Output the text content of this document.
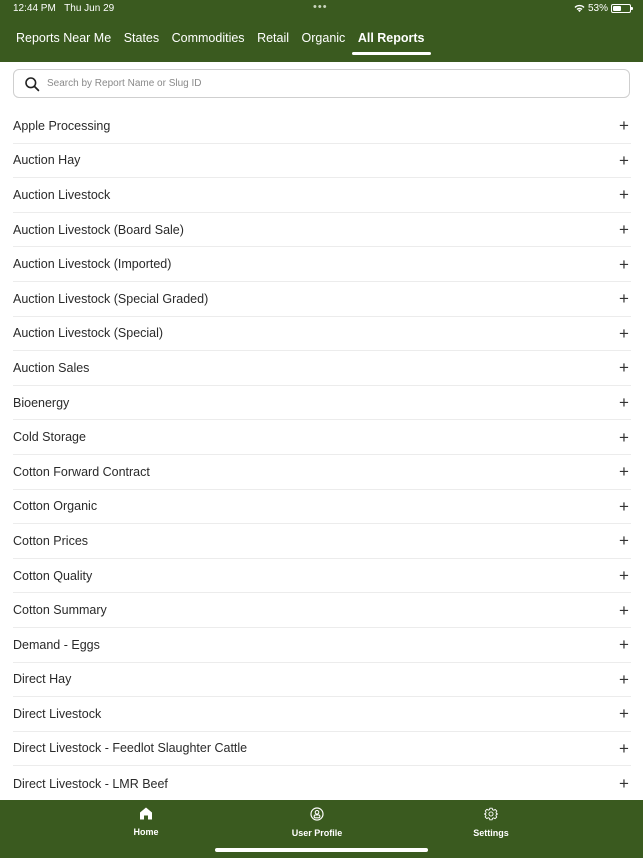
12:44 PM Thu Jun 29	•••	53%
Reports Near Me States Commodities Retail Organic All Reports
Search by Report Name or Slug ID
Apple Processing	+
Auction Hay	+
Auction Livestock	+
Auction Livestock (Board Sale)	+
Auction Livestock (Imported)	+
Auction Livestock (Special Graded)	+
Auction Livestock (Special)	+
Auction Sales	+
Bioenergy	+
Cold Storage	+
Cotton Forward Contract	+
Cotton Organic	+
Cotton Prices	+
Cotton Quality	+
Cotton Summary	+
Demand - Eggs	+
Direct Hay	+
Direct Livestock	+
Direct Livestock - Feedlot Slaughter Cattle	+
Direct Livestock - LMR Beef	+
Home	User Profile	Settings
